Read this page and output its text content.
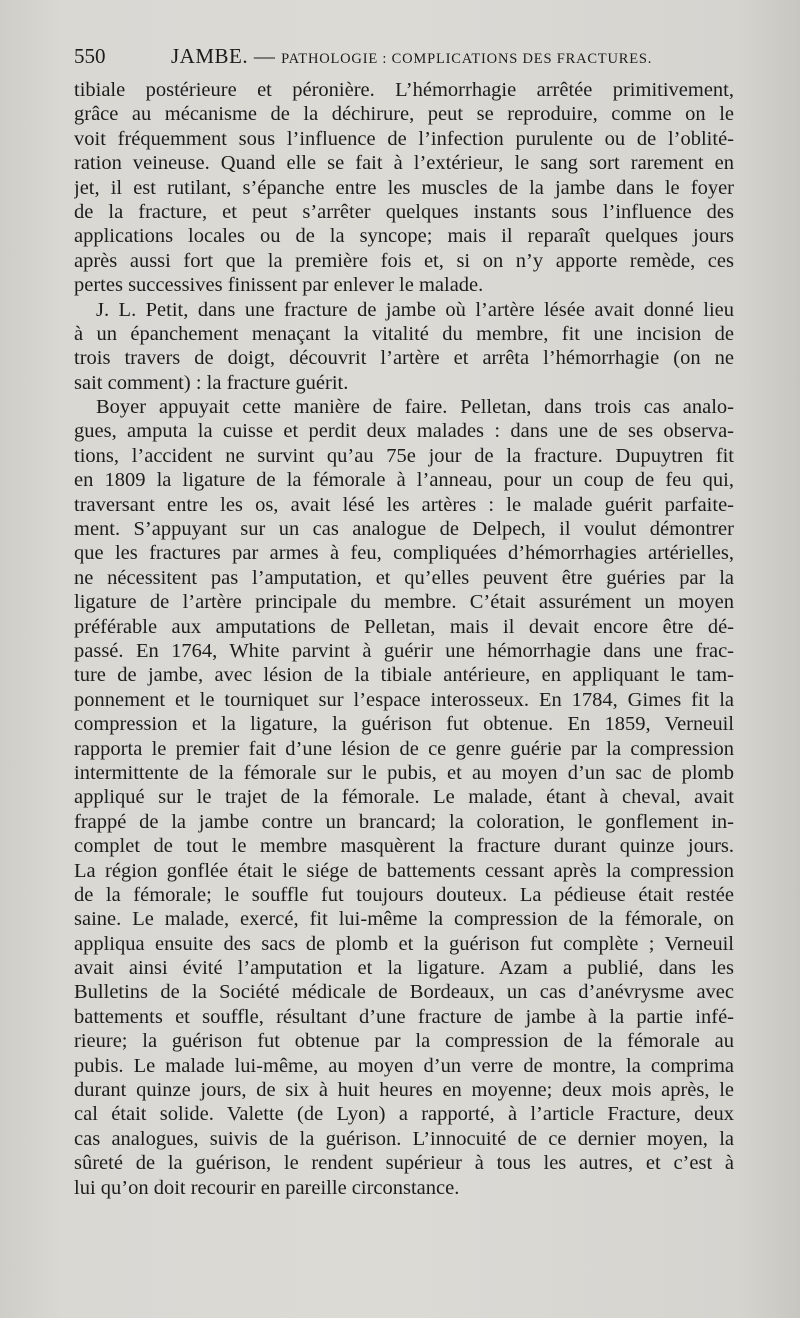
550	JAMBE. — PATHOLOGIE : COMPLICATIONS DES FRACTURES.
tibiale postérieure et péronière. L’hémorrhagie arrêtée primitivement,
grâce au mécanisme de la déchirure, peut se reproduire, comme on le
voit fréquemment sous l’influence de l’infection purulente ou de l’oblité-
ration veineuse. Quand elle se fait à l’extérieur, le sang sort rarement en
jet, il est rutilant, s’épanche entre les muscles de la jambe dans le foyer
de la fracture, et peut s’arrêter quelques instants sous l’influence des
applications locales ou de la syncope; mais il reparaît quelques jours
après aussi fort que la première fois et, si on n’y apporte remède, ces
pertes successives finissent par enlever le malade.
J. L. Petit, dans une fracture de jambe où l’artère lésée avait donné lieu
à un épanchement menaçant la vitalité du membre, fit une incision de
trois travers de doigt, découvrit l’artère et arrêta l’hémorrhagie (on ne
sait comment) : la fracture guérit.
Boyer appuyait cette manière de faire. Pelletan, dans trois cas analo-
gues, amputa la cuisse et perdit deux malades : dans une de ses observa-
tions, l’accident ne survint qu’au 75e jour de la fracture. Dupuytren fit
en 1809 la ligature de la fémorale à l’anneau, pour un coup de feu qui,
traversant entre les os, avait lésé les artères : le malade guérit parfaite-
ment. S’appuyant sur un cas analogue de Delpech, il voulut démontrer
que les fractures par armes à feu, compliquées d’hémorrhagies artérielles,
ne nécessitent pas l’amputation, et qu’elles peuvent être guéries par la
ligature de l’artère principale du membre. C’était assurément un moyen
préférable aux amputations de Pelletan, mais il devait encore être dé-
passé. En 1764, White parvint à guérir une hémorrhagie dans une frac-
ture de jambe, avec lésion de la tibiale antérieure, en appliquant le tam-
ponnement et le tourniquet sur l’espace interosseux. En 1784, Gimes fit la
compression et la ligature, la guérison fut obtenue. En 1859, Verneuil
rapporta le premier fait d’une lésion de ce genre guérie par la compression
intermittente de la fémorale sur le pubis, et au moyen d’un sac de plomb
appliqué sur le trajet de la fémorale. Le malade, étant à cheval, avait
frappé de la jambe contre un brancard; la coloration, le gonflement in-
complet de tout le membre masquèrent la fracture durant quinze jours.
La région gonflée était le siége de battements cessant après la compression
de la fémorale; le souffle fut toujours douteux. La pédieuse était restée
saine. Le malade, exercé, fit lui-même la compression de la fémorale, on
appliqua ensuite des sacs de plomb et la guérison fut complète ; Verneuil
avait ainsi évité l’amputation et la ligature. Azam a publié, dans les
Bulletins de la Société médicale de Bordeaux, un cas d’anévrysme avec
battements et souffle, résultant d’une fracture de jambe à la partie infé-
rieure; la guérison fut obtenue par la compression de la fémorale au
pubis. Le malade lui-même, au moyen d’un verre de montre, la comprima
durant quinze jours, de six à huit heures en moyenne; deux mois après, le
cal était solide. Valette (de Lyon) a rapporté, à l’article Fracture, deux
cas analogues, suivis de la guérison. L’innocuité de ce dernier moyen, la
sûreté de la guérison, le rendent supérieur à tous les autres, et c’est à
lui qu’on doit recourir en pareille circonstance.
